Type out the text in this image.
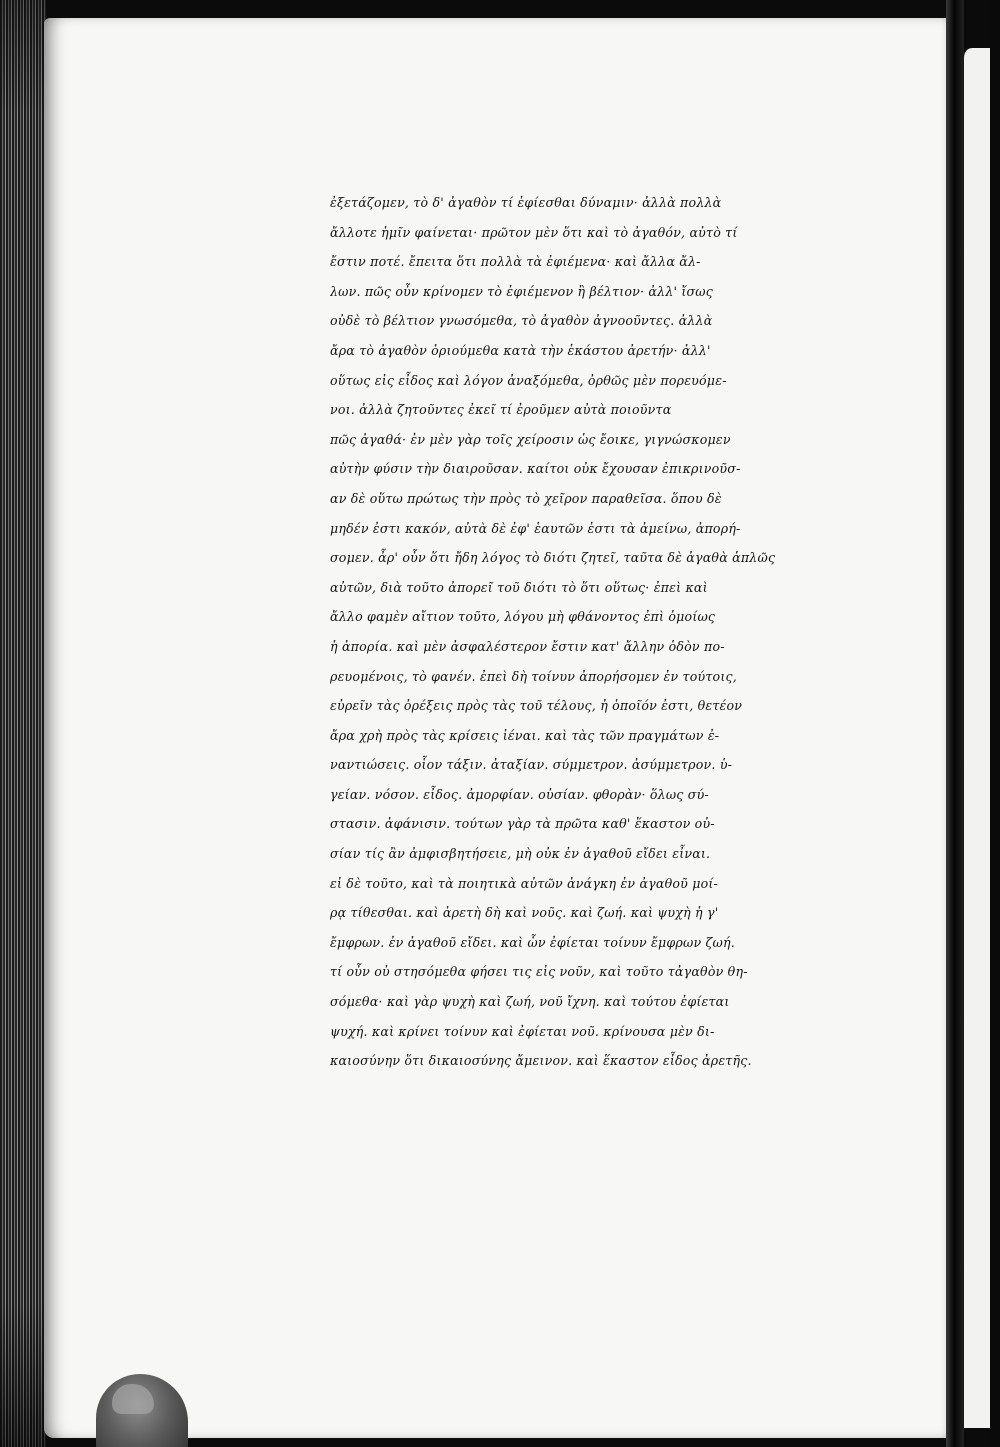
ἐξετάζομεν, τὸ δ' ἀγαθὸν τί ἐφίεσθαι δύναμιν· ἀλλὰ πολλὰ
ἄλλοτε ἡμῖν φαίνεται· πρῶτον μὲν ὅτι καὶ τὸ ἀγαθόν, αὐτὸ τί
ἔστιν ποτέ. ἔπειτα ὅτι πολλὰ τὰ ἐφιέμενα· καὶ ἄλλα ἄλ-
λων. πῶς οὖν κρίνομεν τὸ ἐφιέμενον ἢ βέλτιον· ἀλλ' ἴσως
οὐδὲ τὸ βέλτιον γνωσόμεθα, τὸ ἀγαθὸν ἀγνοοῦντες. ἀλλὰ
ἄρα τὸ ἀγαθὸν ὁριούμεθα κατὰ τὴν ἑκάστου ἀρετήν· ἀλλ'
οὕτως εἰς εἶδος καὶ λόγον ἀναξόμεθα, ὀρθῶς μὲν πορευόμε-
νοι. ἀλλὰ ζητοῦντες ἐκεῖ τί ἐροῦμεν αὐτὰ ποιοῦντα
πῶς ἀγαθά· ἐν μὲν γὰρ τοῖς χείροσιν ὡς ἔοικε, γιγνώσκομεν
αὐτὴν φύσιν τὴν διαιροῦσαν. καίτοι οὐκ ἔχουσαν ἐπικρινοῦσ-
αν δὲ οὕτω πρώτως τὴν πρὸς τὸ χεῖρον παραθεῖσα. ὅπου δὲ
μηδέν ἐστι κακόν, αὐτὰ δὲ ἐφ' ἑαυτῶν ἐστι τὰ ἀμείνω, ἀπορή-
σομεν. ἆρ' οὖν ὅτι ἤδη λόγος τὸ διότι ζητεῖ, ταῦτα δὲ ἀγαθὰ ἁπλῶς
αὐτῶν, διὰ τοῦτο ἀπορεῖ τοῦ διότι τὸ ὅτι οὕτως· ἐπεὶ καὶ
ἄλλο φαμὲν αἴτιον τοῦτο, λόγου μὴ φθάνοντος ἐπὶ ὁμοίως
ἡ ἀπορία. καὶ μὲν ἀσφαλέστερον ἔστιν κατ' ἄλλην ὁδὸν πο-
ρευομένοις, τὸ φανέν. ἐπεὶ δὴ τοίνυν ἀπορήσομεν ἐν τούτοις,
εὐρεῖν τὰς ὀρέξεις πρὸς τὰς τοῦ τέλους, ἠ ὁποῖόν ἐστι, θετέον
ἄρα χρὴ πρὸς τὰς κρίσεις ἰέναι. καὶ τὰς τῶν πραγμάτων ἐ-
ναντιώσεις. οἷον τάξιν. ἀταξίαν. σύμμετρον. ἀσύμμετρον. ὑ-
γείαν. νόσον. εἶδος. ἀμορφίαν. οὐσίαν. φθορὰν· ὅλως σύ-
στασιν. ἀφάνισιν. τούτων γὰρ τὰ πρῶτα καθ' ἕκαστον οὐ-
σίαν τίς ἂν ἀμφισβητήσειε, μὴ οὐκ ἐν ἀγαθοῦ εἴδει εἶναι.
εἰ δὲ τοῦτο, καὶ τὰ ποιητικὰ αὐτῶν ἀνάγκη ἐν ἀγαθοῦ μοί-
ρᾳ τίθεσθαι. καὶ ἀρετὴ δὴ καὶ νοῦς. καὶ ζωή. καὶ ψυχὴ ἡ γ'
ἔμφρων. ἐν ἀγαθοῦ εἴδει. καὶ ὧν ἐφίεται τοίνυν ἔμφρων ζωή.
τί οὖν οὐ στησόμεθα φήσει τις εἰς νοῦν, καὶ τοῦτο τἀγαθὸν θη-
σόμεθα· καὶ γὰρ ψυχὴ καὶ ζωή, νοῦ ἴχνη. καὶ τούτου ἐφίεται
ψυχή. καὶ κρίνει τοίνυν καὶ ἐφίεται νοῦ. κρίνουσα μὲν δι-
καιοσύνην ὅτι δικαιοσύνης ἄμεινον. καὶ ἕκαστον εἶδος ἀρετῆς.
